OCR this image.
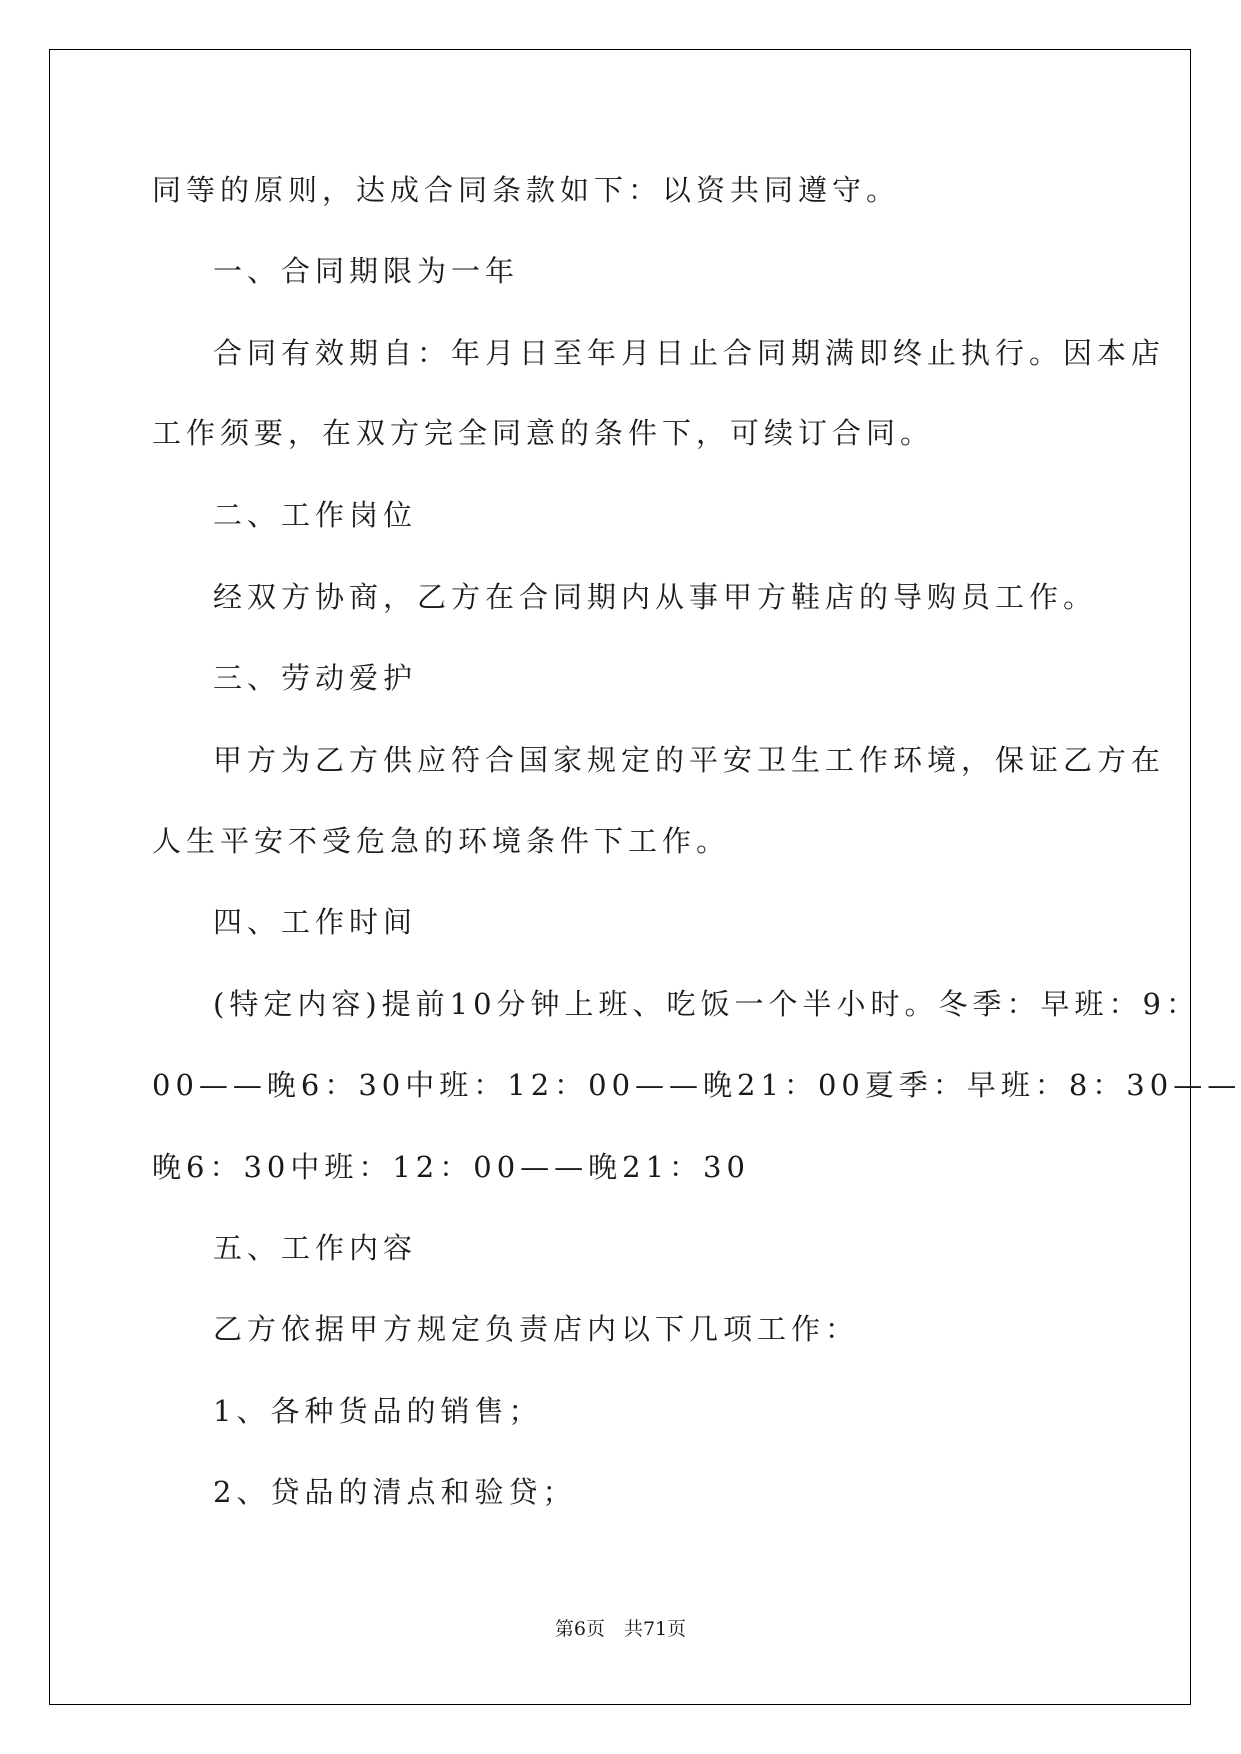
同等的原则，达成合同条款如下：以资共同遵守。
一、合同期限为一年
合同有效期自：年月日至年月日止合同期满即终止执行。因本店
工作须要，在双方完全同意的条件下，可续订合同。
二、工作岗位
经双方协商，乙方在合同期内从事甲方鞋店的导购员工作。
三、劳动爱护
甲方为乙方供应符合国家规定的平安卫生工作环境，保证乙方在
人生平安不受危急的环境条件下工作。
四、工作时间
(特定内容)提前10分钟上班、吃饭一个半小时。冬季：早班：9：
00——晚6：30中班：12：00——晚21：00夏季：早班：8：30——
晚6：30中班：12：00——晚21：30
五、工作内容
乙方依据甲方规定负责店内以下几项工作：
1、各种货品的销售；
2、贷品的清点和验贷；
第6页　共71页
